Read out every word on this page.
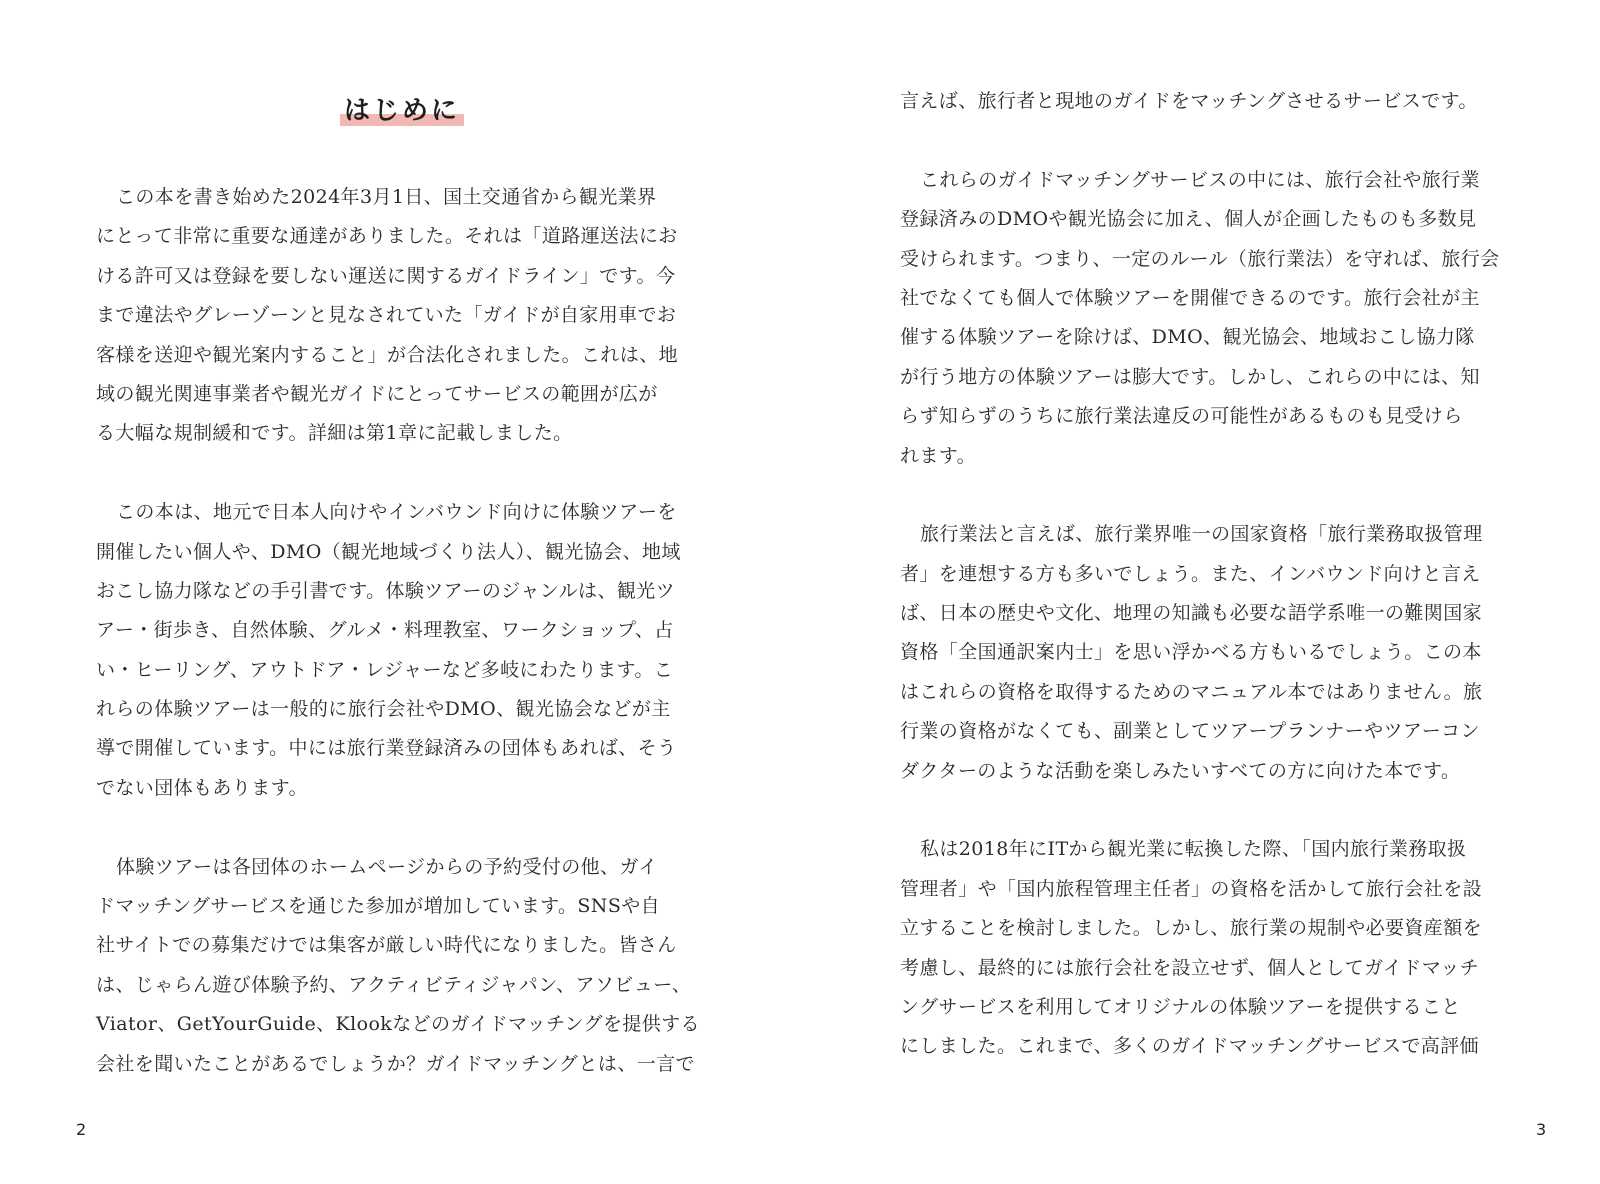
はじめに
この本を書き始めた2024年3月1日、国土交通省から観光業界
にとって非常に重要な通達がありました。それは「道路運送法にお
ける許可又は登録を要しない運送に関するガイドライン」です。今
まで違法やグレーゾーンと見なされていた「ガイドが自家用車でお
客様を送迎や観光案内すること」が合法化されました。これは、地
域の観光関連事業者や観光ガイドにとってサービスの範囲が広が
る大幅な規制緩和です。詳細は第1章に記載しました。
この本は、地元で日本人向けやインバウンド向けに体験ツアーを
開催したい個人や、DMO（観光地域づくり法人）、観光協会、地域
おこし協力隊などの手引書です。体験ツアーのジャンルは、観光ツ
アー・街歩き、自然体験、グルメ・料理教室、ワークショップ、占
い・ヒーリング、アウトドア・レジャーなど多岐にわたります。こ
れらの体験ツアーは一般的に旅行会社やDMO、観光協会などが主
導で開催しています。中には旅行業登録済みの団体もあれば、そう
でない団体もあります。
体験ツアーは各団体のホームページからの予約受付の他、ガイ
ドマッチングサービスを通じた参加が増加しています。SNSや自
社サイトでの募集だけでは集客が厳しい時代になりました。皆さん
は、じゃらん遊び体験予約、アクティビティジャパン、アソビュー、
Viator、GetYourGuide、Klookなどのガイドマッチングを提供する
会社を聞いたことがあるでしょうか？ガイドマッチングとは、一言で
2	3
言えば、旅行者と現地のガイドをマッチングさせるサービスです。
これらのガイドマッチングサービスの中には、旅行会社や旅行業
登録済みのDMOや観光協会に加え、個人が企画したものも多数見
受けられます。つまり、一定のルール（旅行業法）を守れば、旅行会
社でなくても個人で体験ツアーを開催できるのです。旅行会社が主
催する体験ツアーを除けば、DMO、観光協会、地域おこし協力隊
が行う地方の体験ツアーは膨大です。しかし、これらの中には、知
らず知らずのうちに旅行業法違反の可能性があるものも見受けら
れます。
旅行業法と言えば、旅行業界唯一の国家資格「旅行業務取扱管理
者」を連想する方も多いでしょう。また、インバウンド向けと言え
ば、日本の歴史や文化、地理の知識も必要な語学系唯一の難関国家
資格「全国通訳案内士」を思い浮かべる方もいるでしょう。この本
はこれらの資格を取得するためのマニュアル本ではありません。旅
行業の資格がなくても、副業としてツアープランナーやツアーコン
ダクターのような活動を楽しみたいすべての方に向けた本です。
私は2018年にITから観光業に転換した際、「国内旅行業務取扱
管理者」や「国内旅程管理主任者」の資格を活かして旅行会社を設
立することを検討しました。しかし、旅行業の規制や必要資産額を
考慮し、最終的には旅行会社を設立せず、個人としてガイドマッチ
ングサービスを利用してオリジナルの体験ツアーを提供すること
にしました。これまで、多くのガイドマッチングサービスで高評価
